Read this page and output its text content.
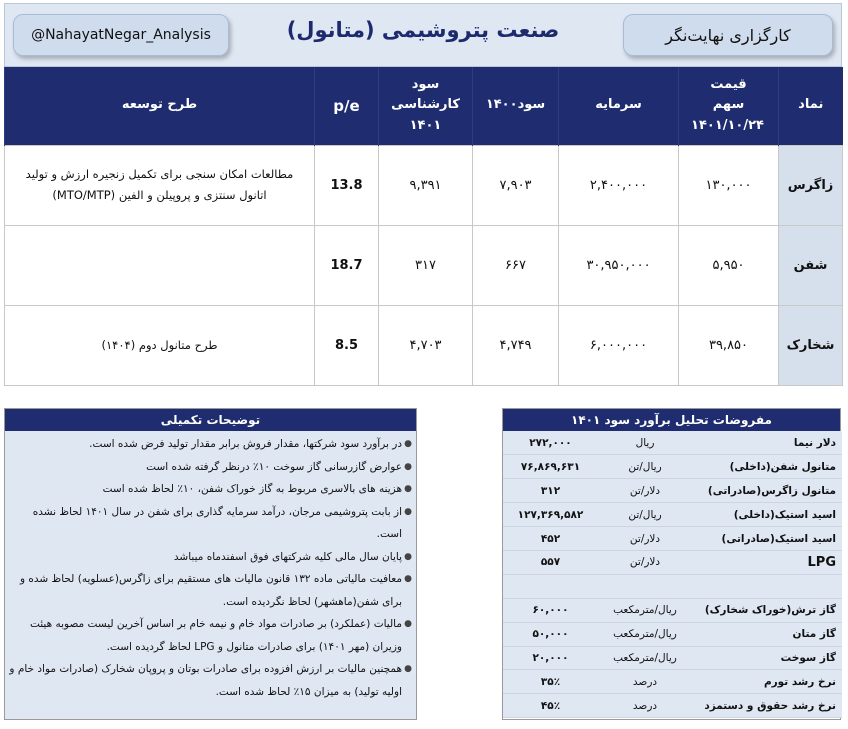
@NahayatNegar_Analysis	صنعت پتروشیمی (متانول)	کارگزاری نهایت‌نگر
نماد	قیمت سهم ۱۴۰۱/۱۰/۲۴	سرمایه	سود۱۴۰۰	سود کارشناسی ۱۴۰۱	p/e	طرح توسعه
زاگرس	۱۳۰,۰۰۰	۲,۴۰۰,۰۰۰	۷,۹۰۳	۹,۳۹۱	13.8	مطالعات امکان سنجی برای تکمیل زنجیره ارزش و تولید اتانول سنتزی و پروپیلن و الفین (MTO/MTP)
شفن	۵,۹۵۰	۳۰,۹۵۰,۰۰۰	۶۶۷	۳۱۷	18.7	
شخارک	۳۹,۸۵۰	۶,۰۰۰,۰۰۰	۴,۷۴۹	۴,۷۰۳	8.5	طرح متانول دوم (۱۴۰۴)
توضیحات تکمیلی
●
در برآورد سود شرکتها، مقدار فروش برابر مقدار تولید فرض شده است.
●
عوارض گازرسانی گاز سوخت ۱۰٪ درنظر گرفته شده است
●
هزینه های بالاسری مربوط به گاز خوراک شفن، ۱۰٪ لحاظ شده است
●
از بابت پتروشیمی مرجان، درآمد سرمایه گذاری برای شفن در سال ۱۴۰۱ لحاظ نشده است.
●
پایان سال مالی کلیه شرکتهای فوق اسفندماه میباشد
●
معافیت مالیاتی ماده ۱۳۲ قانون مالیات های مستقیم برای زاگرس(عسلویه) لحاظ شده و برای شفن(ماهشهر) لحاظ نگردیده است.
●
مالیات (عملکرد) بر صادرات مواد خام و نیمه خام بر اساس آخرین لیست مصوبه هیئت وزیران (مهر ۱۴۰۱) برای صادرات متانول و LPG لحاظ گردیده است.
●
همچنین مالیات بر ارزش افزوده برای صادرات بوتان و پروپان شخارک (صادرات مواد خام و اولیه تولید) به میزان ۱۵٪ لحاظ شده است.
مفروضات تحلیل برآورد سود ۱۴۰۱
دلار نیما	ریال	۲۷۲,۰۰۰
متانول شفن(داخلی)	ریال/تن	۷۶,۸۶۹,۶۳۱
متانول زاگرس(صادراتی)	دلار/تن	۳۱۲
اسید استیک(داخلی)	ریال/تن	۱۲۷,۳۶۹,۵۸۲
اسید استیک(صادراتی)	دلار/تن	۴۵۲
LPG	دلار/تن	۵۵۷

گاز ترش(خوراک شخارک)	ریال/مترمکعب	۶۰,۰۰۰
گاز متان	ریال/مترمکعب	۵۰,۰۰۰
گاز سوخت	ریال/مترمکعب	۲۰,۰۰۰
نرخ رشد تورم	درصد	۳۵٪
نرخ رشد حقوق و دستمزد	درصد	۴۵٪
